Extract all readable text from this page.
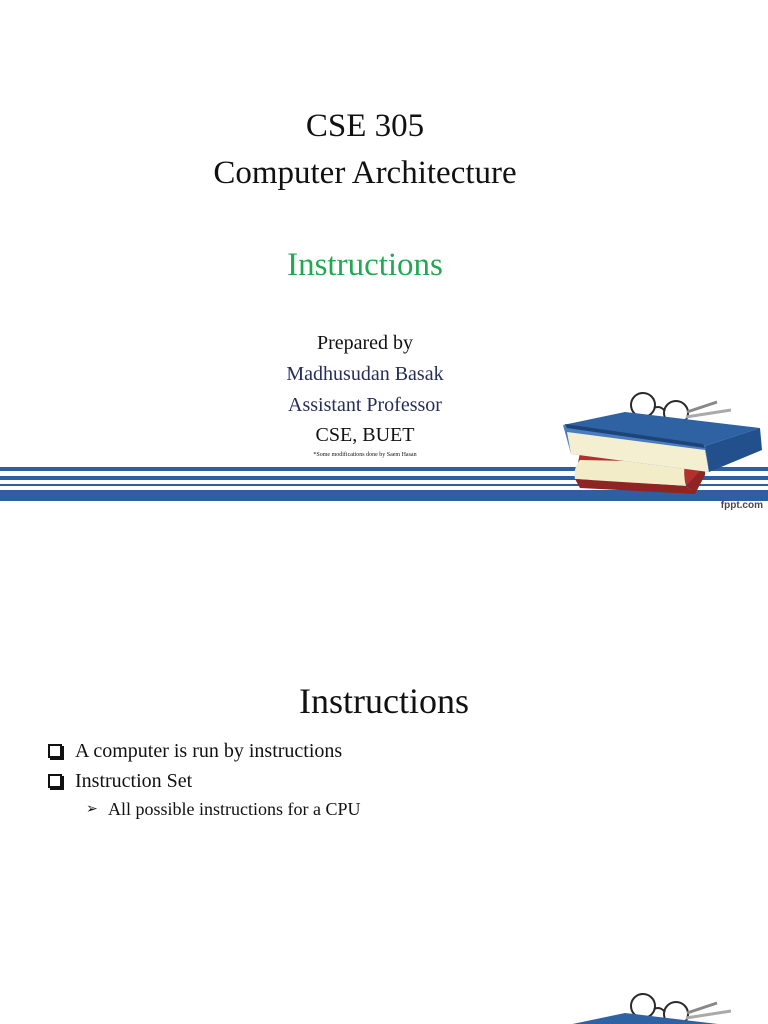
CSE 305
Computer Architecture
Instructions
Prepared by
Madhusudan Basak
Assistant Professor
CSE, BUET
*Some modifications done by Saem Hasan
fppt.com
Instructions
A computer is run by instructions
Instruction Set
➢ All possible instructions for a CPU
